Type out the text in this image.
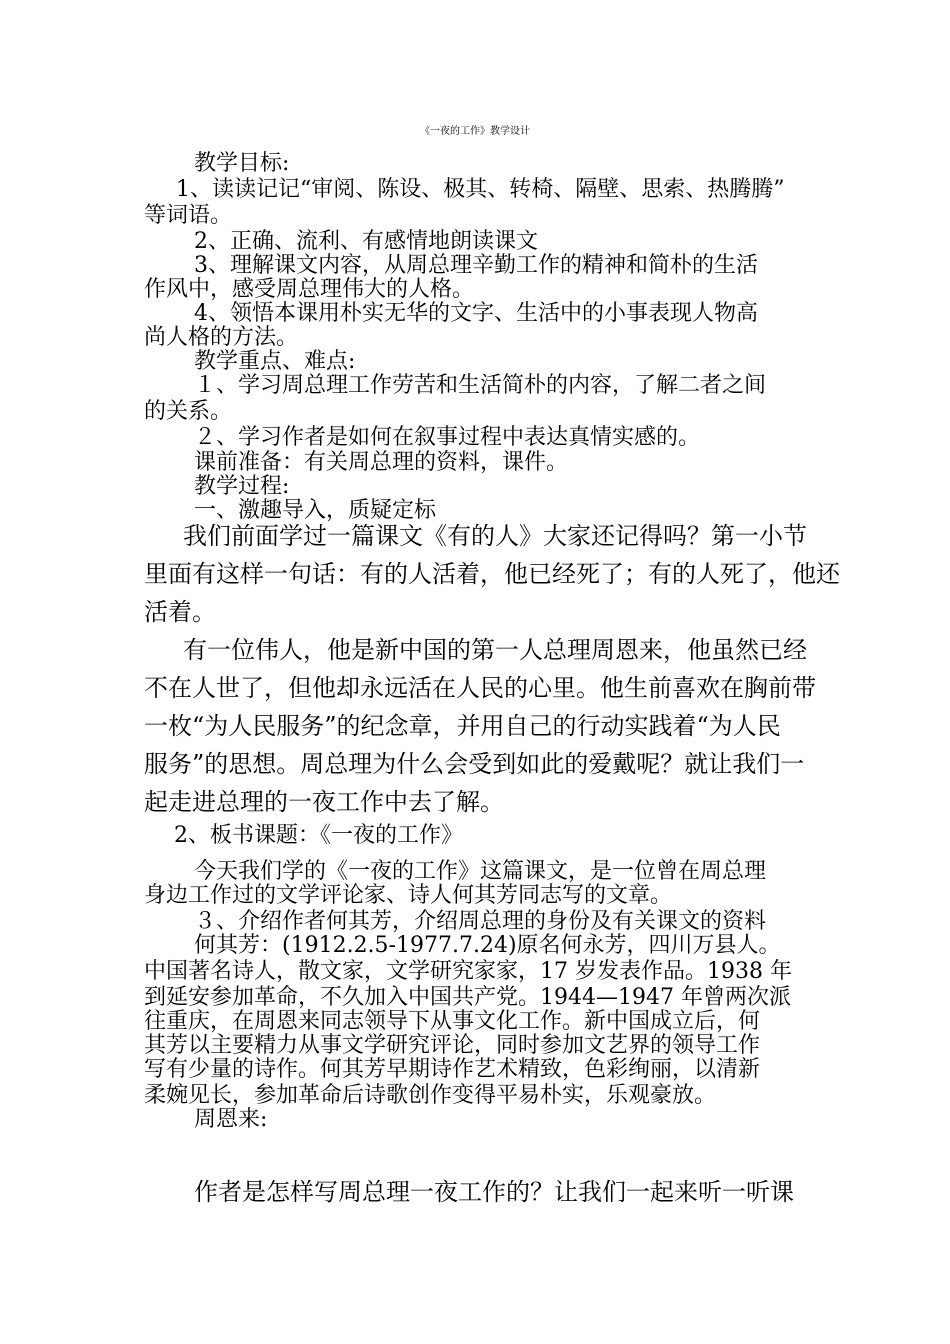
《一夜的工作》教学设计
教学目标:
1、读读记记“审阅、陈设、极其、转椅、隔壁、思索、热腾腾”
等词语。
2、正确、流利、有感情地朗读课文
3、理解课文内容，从周总理辛勤工作的精神和简朴的生活
作风中，感受周总理伟大的人格。
4、领悟本课用朴实无华的文字、生活中的小事表现人物高
尚人格的方法。
教学重点、难点:
１、学习周总理工作劳苦和生活简朴的内容，了解二者之间
的关系。
２、学习作者是如何在叙事过程中表达真情实感的。
课前准备：有关周总理的资料，课件。
教学过程:
一、激趣导入，质疑定标
我们前面学过一篇课文《有的人》大家还记得吗？第一小节
里面有这样一句话：有的人活着，他已经死了；有的人死了，他还
活着。
有一位伟人，他是新中国的第一人总理周恩来，他虽然已经
不在人世了，但他却永远活在人民的心里。他生前喜欢在胸前带
一枚“为人民服务”的纪念章，并用自己的行动实践着“为人民
服务”的思想。周总理为什么会受到如此的爱戴呢？就让我们一
起走进总理的一夜工作中去了解。
2、板书课题：《一夜的工作》
今天我们学的《一夜的工作》这篇课文，是一位曾在周总理
身边工作过的文学评论家、诗人何其芳同志写的文章。
３、介绍作者何其芳，介绍周总理的身份及有关课文的资料
何其芳：(1912.2.5-1977.7.24)原名何永芳，四川万县人。
中国著名诗人，散文家，文学研究家家，17 岁发表作品。1938 年
到延安参加革命，不久加入中国共产党。1944—1947 年曾两次派
往重庆，在周恩来同志领导下从事文化工作。新中国成立后，何
其芳以主要精力从事文学研究评论，同时参加文艺界的领导工作
写有少量的诗作。何其芳早期诗作艺术精致，色彩绚丽，以清新
柔婉见长，参加革命后诗歌创作变得平易朴实，乐观豪放。
周恩来:
作者是怎样写周总理一夜工作的？让我们一起来听一听课
